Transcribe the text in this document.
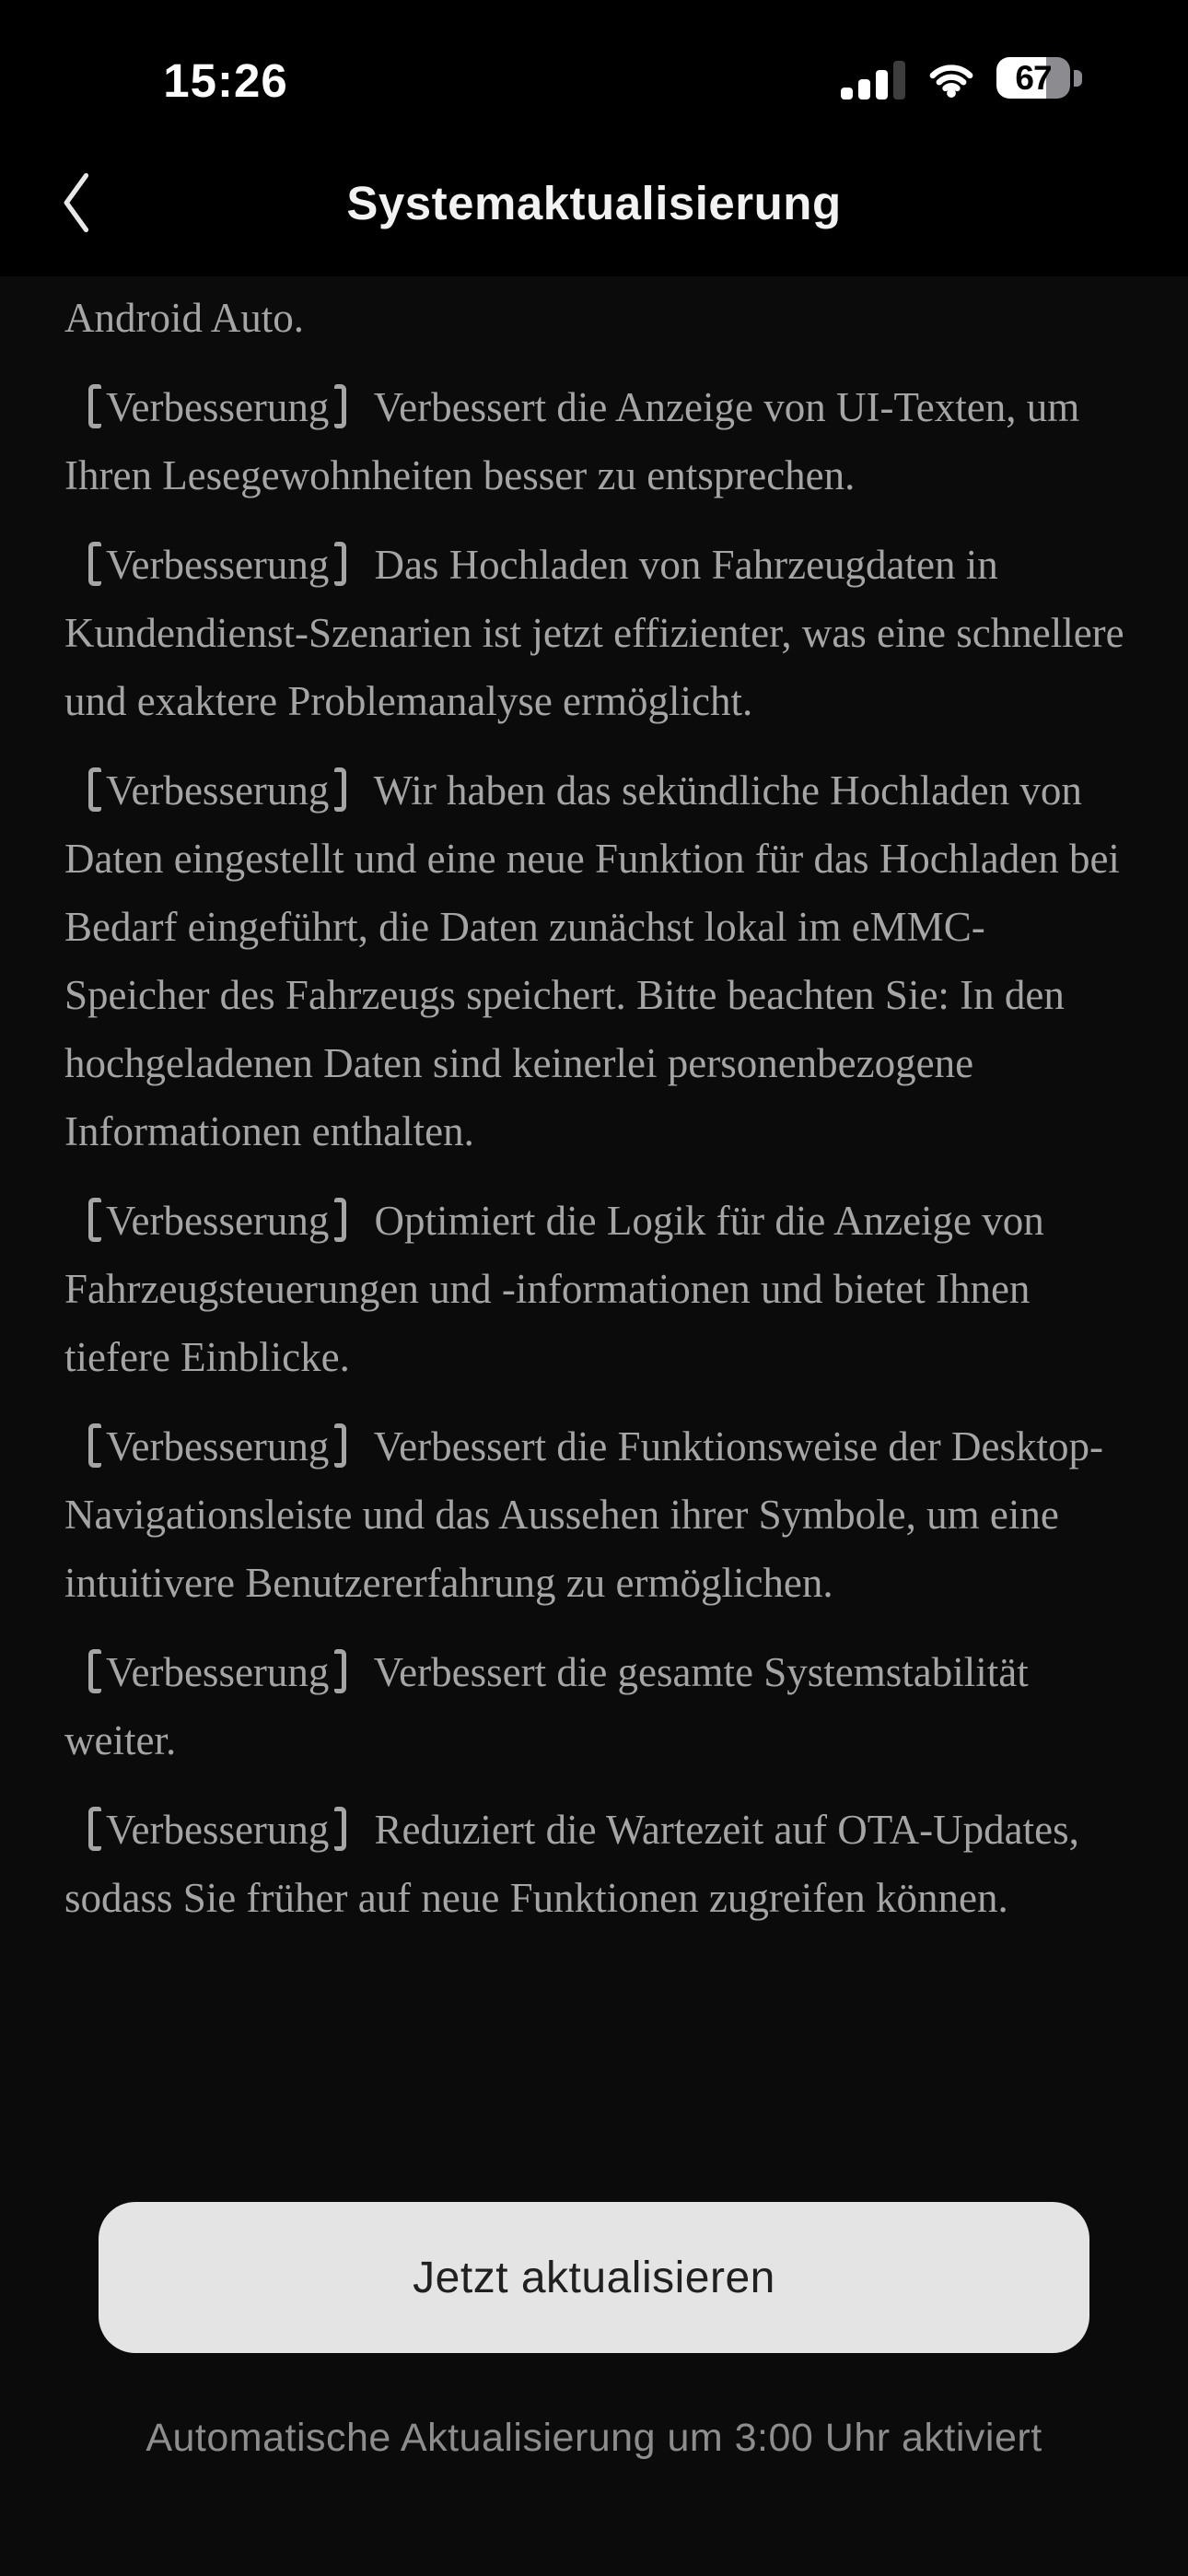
15:26	67
Systemaktualisierung

Android Auto.

Verbesserung Verbessert die Anzeige von UI-Texten, um Ihren Lesegewohnheiten besser zu entsprechen.

Verbesserung Das Hochladen von Fahrzeugdaten in Kundendienst-Szenarien ist jetzt effizienter, was eine schnellere und exaktere Problemanalyse ermöglicht.

Verbesserung Wir haben das sekündliche Hochladen von Daten eingestellt und eine neue Funktion für das Hochladen bei Bedarf eingeführt, die Daten zunächst lokal im eMMC-Speicher des Fahrzeugs speichert. Bitte beachten Sie: In den hochgeladenen Daten sind keinerlei personenbezogene Informationen enthalten.

Verbesserung Optimiert die Logik für die Anzeige von Fahrzeugsteuerungen und -informationen und bietet Ihnen tiefere Einblicke.

Verbesserung Verbessert die Funktionsweise der Desktop-Navigationsleiste und das Aussehen ihrer Symbole, um eine intuitivere Benutzererfahrung zu ermöglichen.

Verbesserung Verbessert die gesamte Systemstabilität weiter.

Verbesserung Reduziert die Wartezeit auf OTA-Updates, sodass Sie früher auf neue Funktionen zugreifen können.

Jetzt aktualisieren
Automatische Aktualisierung um 3:00 Uhr aktiviert
